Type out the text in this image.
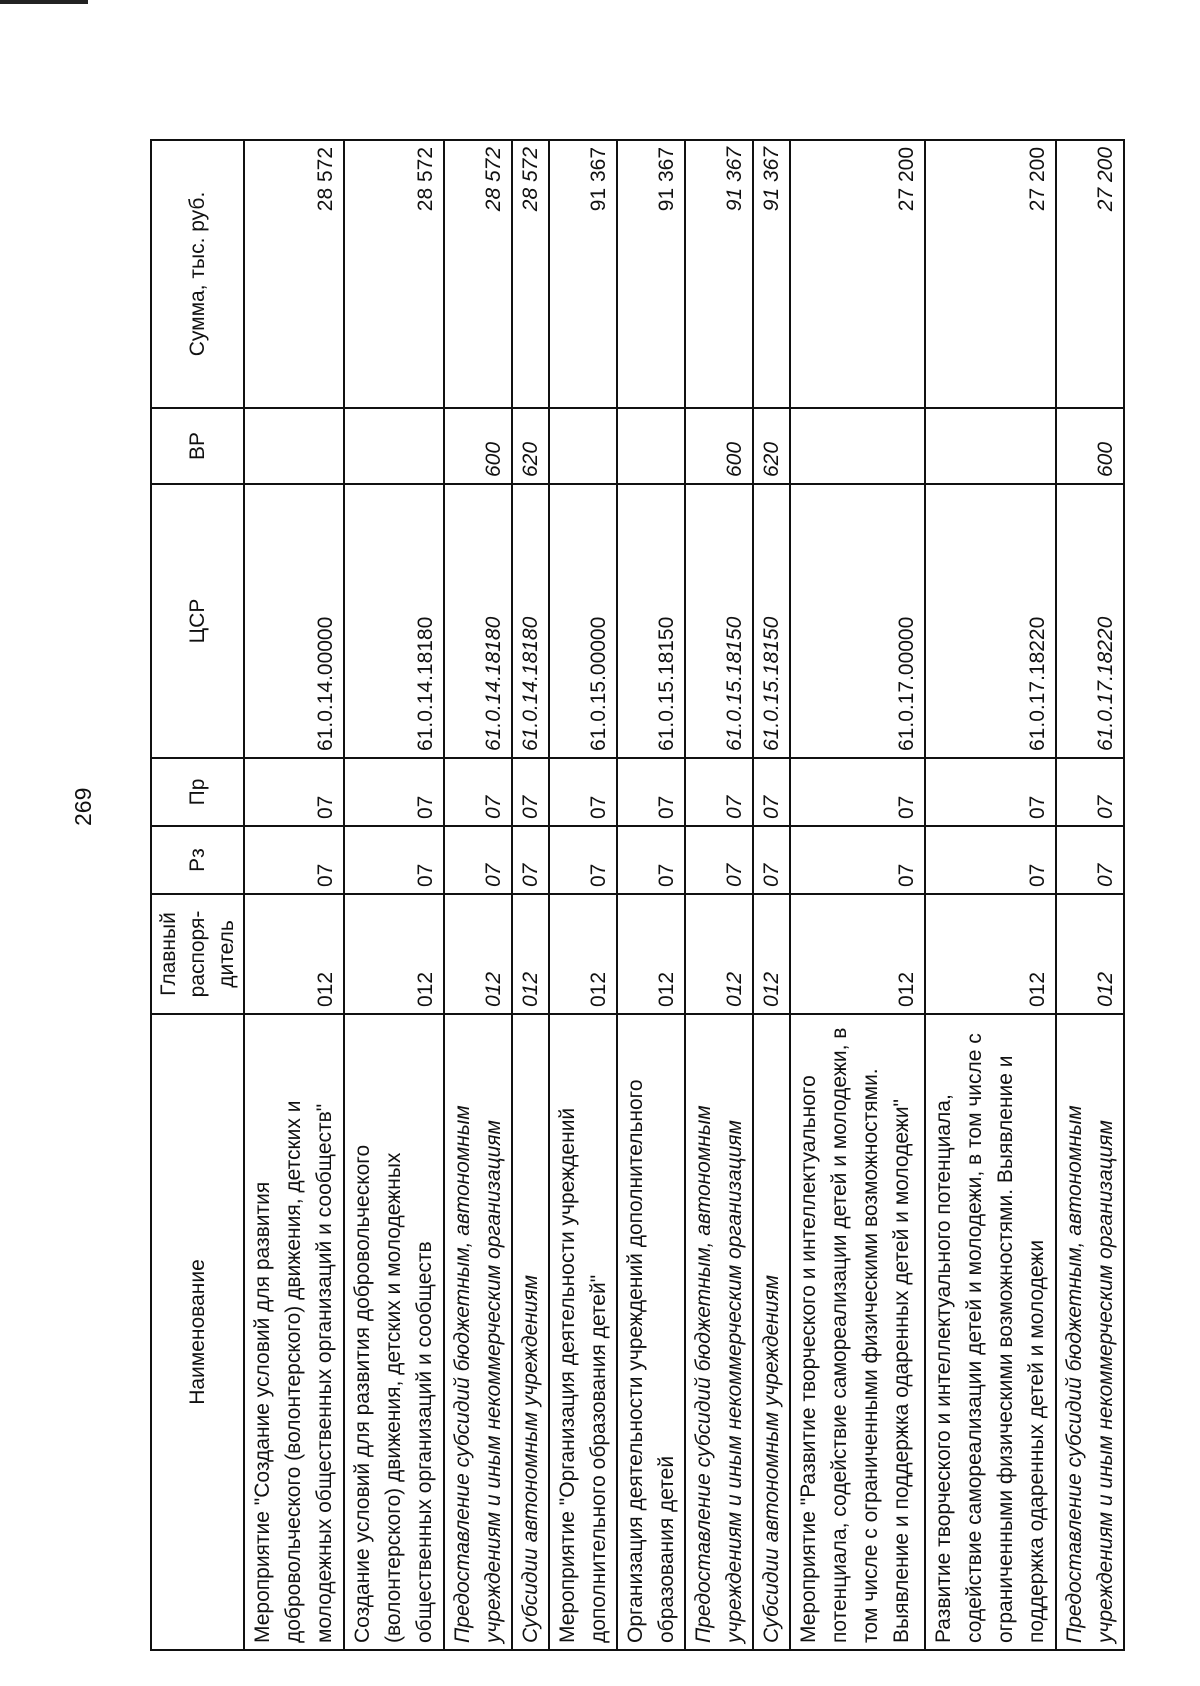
269
Наименование	Главный распоря-дитель	Рз	Пр	ЦСР	ВР	Сумма, тыс. руб.
Мероприятие "Создание условий для развития добровольческого (волонтерского) движения, детских и молодежных общественных организаций и сообществ"	012	07	07	61.0.14.00000		28 572
Создание условий для развития добровольческого (волонтерского) движения, детских и молодежных общественных организаций и сообществ	012	07	07	61.0.14.18180		28 572
Предоставление субсидий бюджетным, автономным учреждениям и иным некоммерческим организациям	012	07	07	61.0.14.18180	600	28 572
Субсидии автономным учреждениям	012	07	07	61.0.14.18180	620	28 572
Мероприятие "Организация деятельности учреждений дополнительного образования детей"	012	07	07	61.0.15.00000		91 367
Организация деятельности учреждений дополнительного образования детей	012	07	07	61.0.15.18150		91 367
Предоставление субсидий бюджетным, автономным учреждениям и иным некоммерческим организациям	012	07	07	61.0.15.18150	600	91 367
Субсидии автономным учреждениям	012	07	07	61.0.15.18150	620	91 367
Мероприятие "Развитие творческого и интеллектуального потенциала, содействие самореализации детей и молодежи, в том числе с ограниченными физическими возможностями. Выявление и поддержка одаренных детей и молодежи"	012	07	07	61.0.17.00000		27 200
Развитие творческого и интеллектуального потенциала, содействие самореализации детей и молодежи, в том числе с ограниченными физическими возможностями. Выявление и поддержка одаренных детей и молодежи	012	07	07	61.0.17.18220		27 200
Предоставление субсидий бюджетным, автономным учреждениям и иным некоммерческим организациям	012	07	07	61.0.17.18220	600	27 200
